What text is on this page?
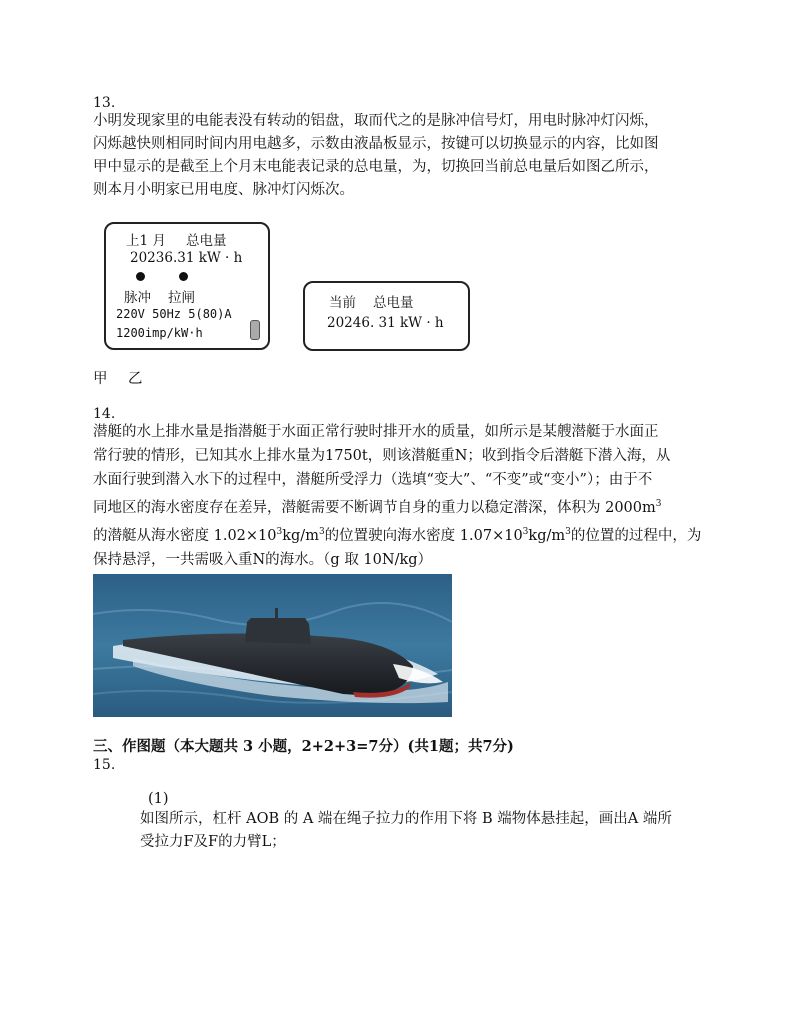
13.
小明发现家里的电能表没有转动的铝盘，取而代之的是脉冲信号灯，用电时脉冲灯闪烁，
闪烁越快则相同时间内用电越多，示数由液晶板显示，按键可以切换显示的内容，比如图
甲中显示的是截至上个月末电能表记录的总电量，为，切换回当前总电量后如图乙所示，
则本月小明家已用电度、脉冲灯闪烁次。
上1 月 总电量
20236.31 kW · h
脉冲 拉闸
220V 50Hz 5(80)A
1200imp/kW·h
当前 总电量
20246. 31 kW · h
甲 乙
14.
潜艇的水上排水量是指潜艇于水面正常行驶时排开水的质量，如所示是某艘潜艇于水面正
常行驶的情形，已知其水上排水量为1750t，则该潜艇重N；收到指令后潜艇下潜入海，从
水面行驶到潜入水下的过程中，潜艇所受浮力（选填“变大”、“不变”或“变小”）；由于不
同地区的海水密度存在差异，潜艇需要不断调节自身的重力以稳定潜深，体积为 $2000m^3$
的潜艇从海水密度 $1.02\times 10^3kg/m^3$的位置驶向海水密度 $1.07\times 10^3kg/m^3$的位置的过程中，为
保持悬浮，一共需吸入重N的海水。（g 取 10N/kg）
三、作图题（本大题共 3 小题，2+2+3=7分）(共1题；共7分)
15.
(1)
如图所示，杠杆 AOB 的 A 端在绳子拉力的作用下将 B 端物体悬挂起，画出A 端所
受拉力F及F的力臂L；
